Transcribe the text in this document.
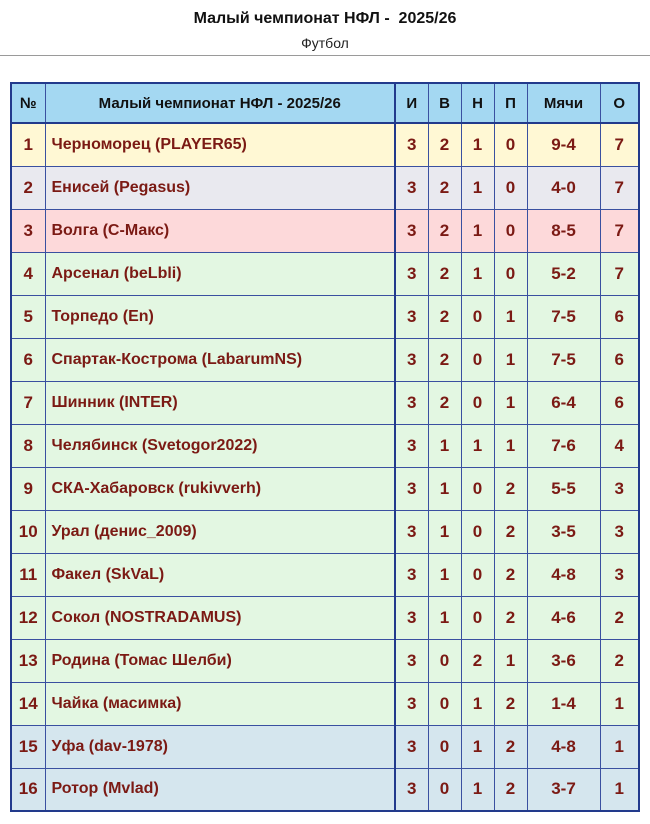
Малый чемпионат НФЛ -  2025/26
Футбол
№	Малый чемпионат НФЛ - 2025/26	И	В	Н	П	Мячи	О
1	Черноморец (PLAYER65)	3	2	1	0	9-4	7
2	Енисей (Pegasus)	3	2	1	0	4-0	7
3	Волга (С-Макс)	3	2	1	0	8-5	7
4	Арсенал (beLbli)	3	2	1	0	5-2	7
5	Торпедо (En)	3	2	0	1	7-5	6
6	Спартак-Кострома (LabarumNS)	3	2	0	1	7-5	6
7	Шинник (INTER)	3	2	0	1	6-4	6
8	Челябинск (Svetogor2022)	3	1	1	1	7-6	4
9	СКА-Хабаровск (rukivverh)	3	1	0	2	5-5	3
10	Урал (денис_2009)	3	1	0	2	3-5	3
11	Факел (SkVaL)	3	1	0	2	4-8	3
12	Сокол (NOSTRADAMUS)	3	1	0	2	4-6	2
13	Родина (Томас Шелби)	3	0	2	1	3-6	2
14	Чайка (масимка)	3	0	1	2	1-4	1
15	Уфа (dav-1978)	3	0	1	2	4-8	1
16	Ротор (Mvlad)	3	0	1	2	3-7	1
